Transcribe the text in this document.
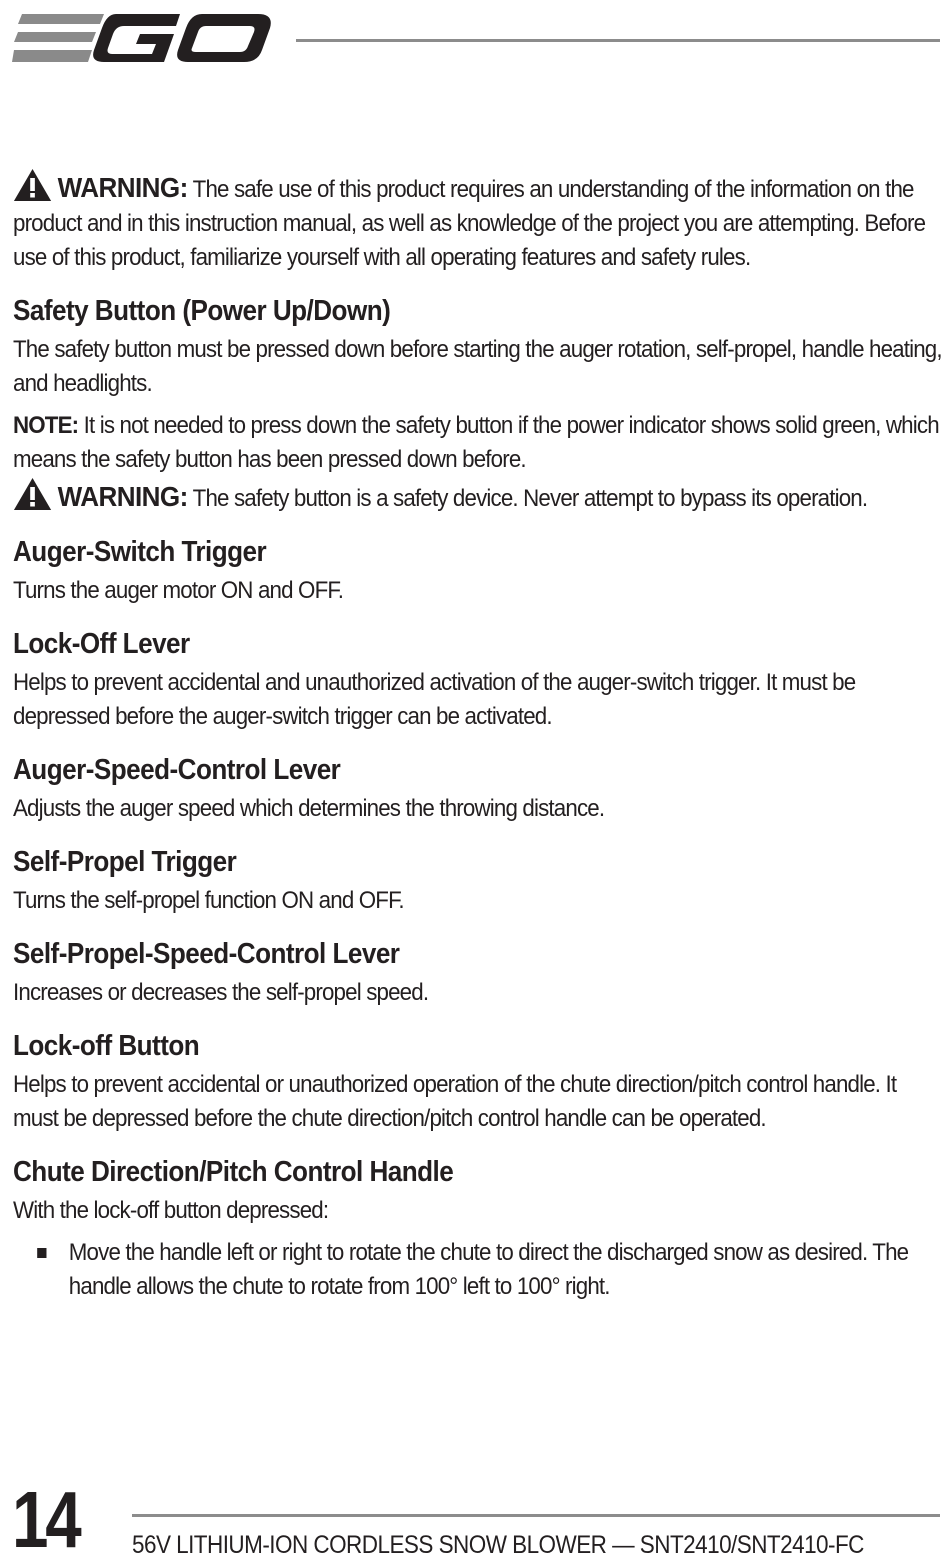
WARNING: The safe use of this product requires an understanding of the information on the product and in this instruction manual, as well as knowledge of the project you are attempting. Before use of this product, familiarize yourself with all operating features and safety rules.

Safety Button (Power Up/Down)

The safety button must be pressed down before starting the auger rotation, self-propel, handle heating, and headlights.

NOTE: It is not needed to press down the safety button if the power indicator shows solid green, which means the safety button has been pressed down before.

WARNING: The safety button is a safety device. Never attempt to bypass its operation.

Auger-Switch Trigger

Turns the auger motor ON and OFF.

Lock-Off Lever

Helps to prevent accidental and unauthorized activation of the auger-switch trigger. It must be depressed before the auger-switch trigger can be activated.

Auger-Speed-Control Lever

Adjusts the auger speed which determines the throwing distance.

Self-Propel Trigger

Turns the self-propel function ON and OFF.

Self-Propel-Speed-Control Lever

Increases or decreases the self-propel speed.

Lock-off Button

Helps to prevent accidental or unauthorized operation of the chute direction/pitch control handle. It must be depressed before the chute direction/pitch control handle can be operated.

Chute Direction/Pitch Control Handle

With the lock-off button depressed:

Move the handle left or right to rotate the chute to direct the discharged snow as desired. The handle allows the chute to rotate from 100° left to 100° right.
14 56V LITHIUM-ION CORDLESS SNOW BLOWER — SNT2410/SNT2410-FC
